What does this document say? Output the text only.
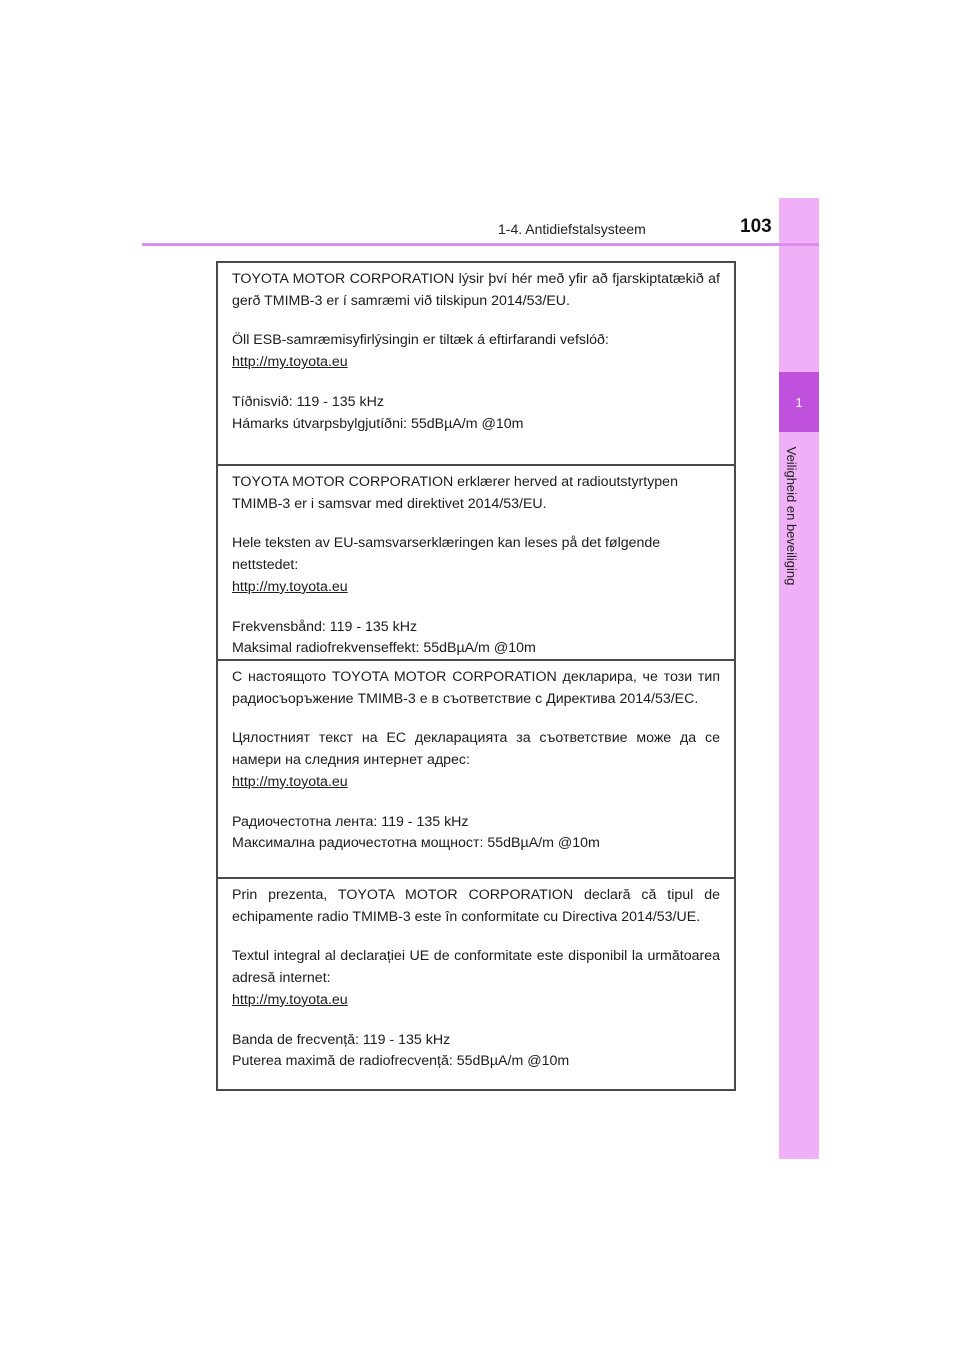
1
Veiligheid en beveiliging
1-4. Antidiefstalsysteem	103

TOYOTA MOTOR CORPORATION lýsir því hér með yfir að fjarskiptatækið af gerð TMIMB-3 er í samræmi við tilskipun 2014/53/EU.

Öll ESB-samræmisyfirlýsingin er tiltæk á eftirfarandi vefslóð:
http://my.toyota.eu

Tíðnisvið: 119 - 135 kHz
Hámarks útvarpsbylgjutíðni: 55dBµA/m @10m

TOYOTA MOTOR CORPORATION erklærer herved at radioutstyrtypen TMIMB-3 er i samsvar med direktivet 2014/53/EU.

Hele teksten av EU-samsvarserklæringen kan leses på det følgende nettstedet:
http://my.toyota.eu

Frekvensbånd: 119 - 135 kHz
Maksimal radiofrekvenseffekt: 55dBµA/m @10m

С настоящото TOYOTA MOTOR CORPORATION декларира, че този тип радиосъоръжение TMIMB-3 е в съответствие с Директива 2014/53/ЕС.

Цялостният текст на ЕС декларацията за съответствие може да се намери на следния интернет адрес:
http://my.toyota.eu

Радиочестотна лента: 119 - 135 kHz
Максимална радиочестотна мощност: 55dBµA/m @10m

Prin prezenta, TOYOTA MOTOR CORPORATION declară că tipul de echipamente radio TMIMB-3 este în conformitate cu Directiva 2014/53/UE.

Textul integral al declarației UE de conformitate este disponibil la următoarea adresă internet:
http://my.toyota.eu

Banda de frecvență: 119 - 135 kHz
Puterea maximă de radiofrecvență: 55dBµA/m @10m
